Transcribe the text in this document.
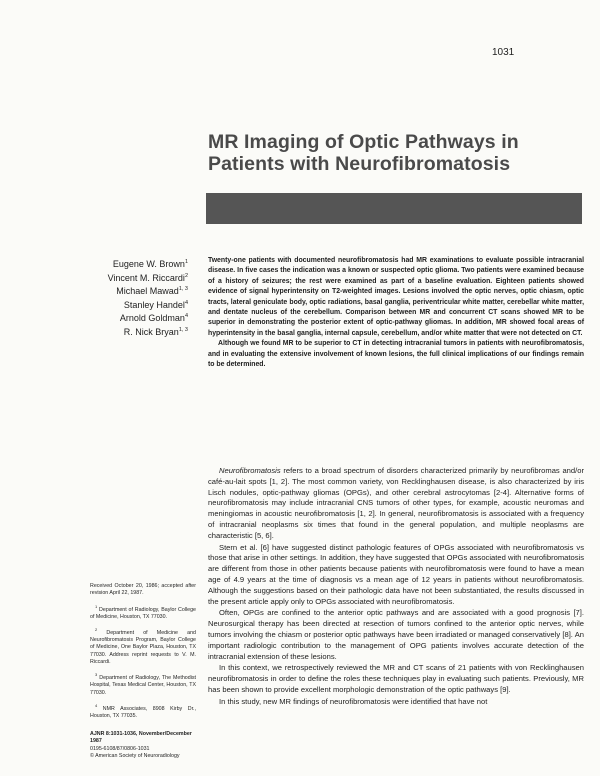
1031
MR Imaging of Optic Pathways in
Patients with Neurofibromatosis
Eugene W. Brown$^1$
Vincent M. Riccardi$^2$
Michael Mawad$^{1, 3}$
Stanley Handel$^4$
Arnold Goldman$^4$
R. Nick Bryan$^{1, 3}$

Twenty-one patients with documented neurofibromatosis had MR examinations to evaluate possible intracranial disease. In five cases the indication was a known or suspected optic glioma. Two patients were examined because of a history of seizures; the rest were examined as part of a baseline evaluation. Eighteen patients showed evidence of signal hyperintensity on T2-weighted images. Lesions involved the optic nerves, optic chiasm, optic tracts, lateral geniculate body, optic radiations, basal ganglia, periventricular white matter, cerebellar white matter, and dentate nucleus of the cerebellum. Comparison between MR and concurrent CT scans showed MR to be superior in demonstrating the posterior extent of optic-pathway gliomas. In addition, MR showed focal areas of hyperintensity in the basal ganglia, internal capsule, cerebellum, and/or white matter that were not detected on CT.

Although we found MR to be superior to CT in detecting intracranial tumors in patients with neurofibromatosis, and in evaluating the extensive involvement of known lesions, the full clinical implications of our findings remain to be determined.

Neurofibromatosis refers to a broad spectrum of disorders characterized primarily by neurofibromas and/or café-au-lait spots [1, 2]. The most common variety, von Recklinghausen disease, is also characterized by iris Lisch nodules, optic-pathway gliomas (OPGs), and other cerebral astrocytomas [2-4]. Alternative forms of neurofibromatosis may include intracranial CNS tumors of other types, for example, acoustic neuromas and meningiomas in acoustic neurofibromatosis [1, 2]. In general, neurofibromatosis is associated with a frequency of intracranial neoplasms six times that found in the general population, and multiple neoplasms are characteristic [5, 6].

Stern et al. [6] have suggested distinct pathologic features of OPGs associated with neurofibromatosis vs those that arise in other settings. In addition, they have suggested that OPGs associated with neurofibromatosis are different from those in other patients because patients with neurofibromatosis were found to have a mean age of 4.9 years at the time of diagnosis vs a mean age of 12 years in patients without neurofibromatosis. Although the suggestions based on their pathologic data have not been substantiated, the results discussed in the present article apply only to OPGs associated with neurofibromatosis.

Often, OPGs are confined to the anterior optic pathways and are associated with a good prognosis [7]. Neurosurgical therapy has been directed at resection of tumors confined to the anterior optic nerves, while tumors involving the chiasm or posterior optic pathways have been irradiated or managed conservatively [8]. An important radiologic contribution to the management of OPG patients involves accurate detection of the intracranial extension of these lesions.

In this context, we retrospectively reviewed the MR and CT scans of 21 patients with von Recklinghausen neurofibromatosis in order to define the roles these techniques play in evaluating such patients. Previously, MR has been shown to provide excellent morphologic demonstration of the optic pathways [9].

In this study, new MR findings of neurofibromatosis were identified that have not

Received October 20, 1986; accepted after revision April 22, 1987.

$^1$ Department of Radiology, Baylor College of Medicine, Houston, TX 77030.

$^2$ Department of Medicine and Neurofibromatosis Program, Baylor College of Medicine, One Baylor Plaza, Houston, TX 77030. Address reprint requests to V. M. Riccardi.

$^3$ Department of Radiology, The Methodist Hospital, Texas Medical Center, Houston, TX 77030.

$^4$ NMR Associates, 8908 Kirby Dr., Houston, TX 77035.

AJNR 8:1031-1036, November/December 1987
0195-6108/87/0806-1031
© American Society of Neuroradiology
